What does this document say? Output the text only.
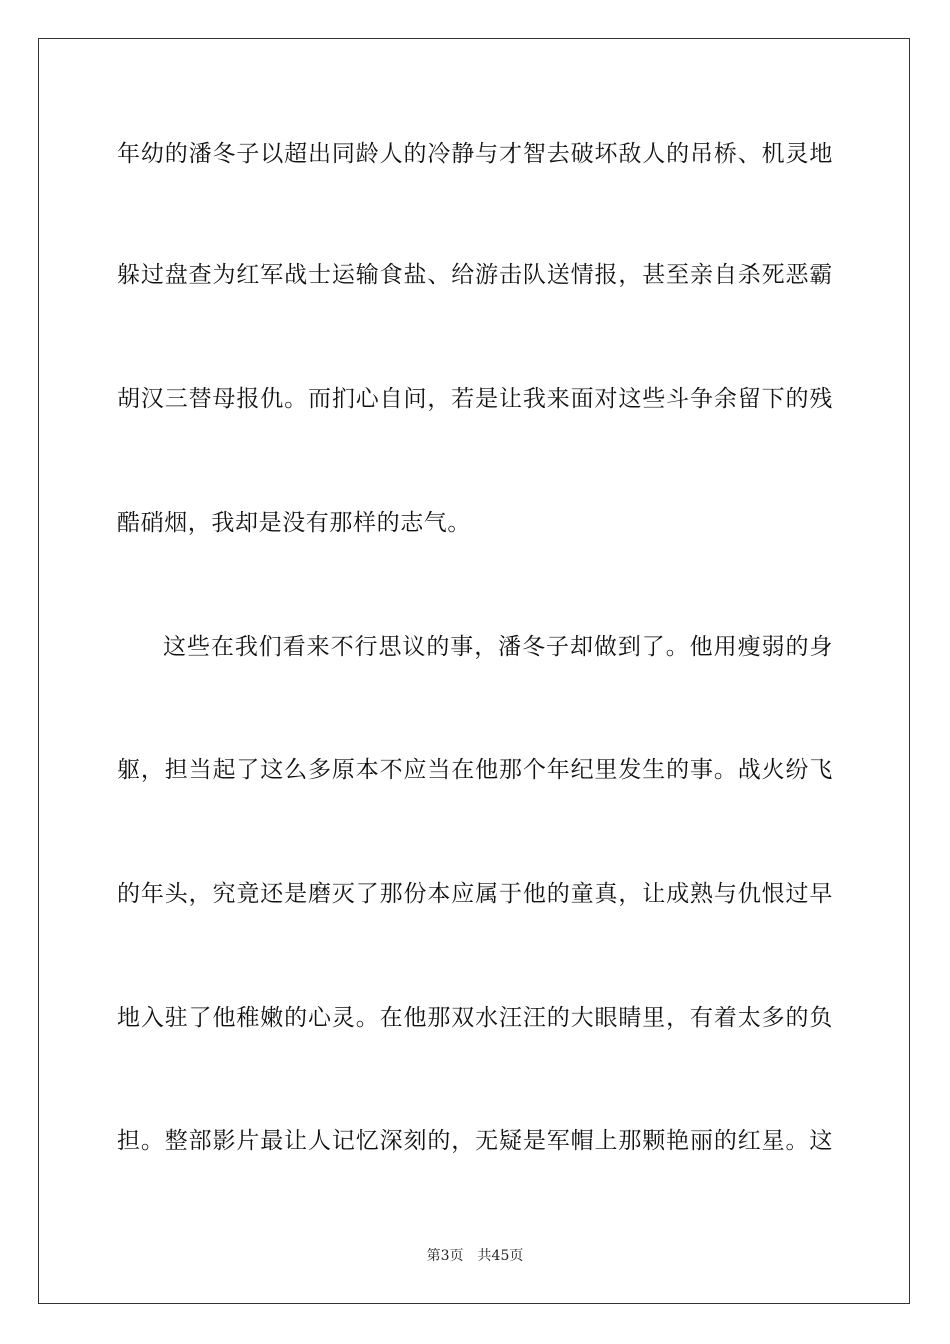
年幼的潘冬子以超出同龄人的冷静与才智去破坏敌人的吊桥、机灵地
躲过盘查为红军战士运输食盐、给游击队送情报，甚至亲自杀死恶霸
胡汉三替母报仇。而扪心自问，若是让我来面对这些斗争余留下的残
酷硝烟，我却是没有那样的志气。
这些在我们看来不行思议的事，潘冬子却做到了。他用瘦弱的身
躯，担当起了这么多原本不应当在他那个年纪里发生的事。战火纷飞
的年头，究竟还是磨灭了那份本应属于他的童真，让成熟与仇恨过早
地入驻了他稚嫩的心灵。在他那双水汪汪的大眼睛里，有着太多的负
担。整部影片最让人记忆深刻的，无疑是军帽上那颗艳丽的红星。这
第3页 共45页
